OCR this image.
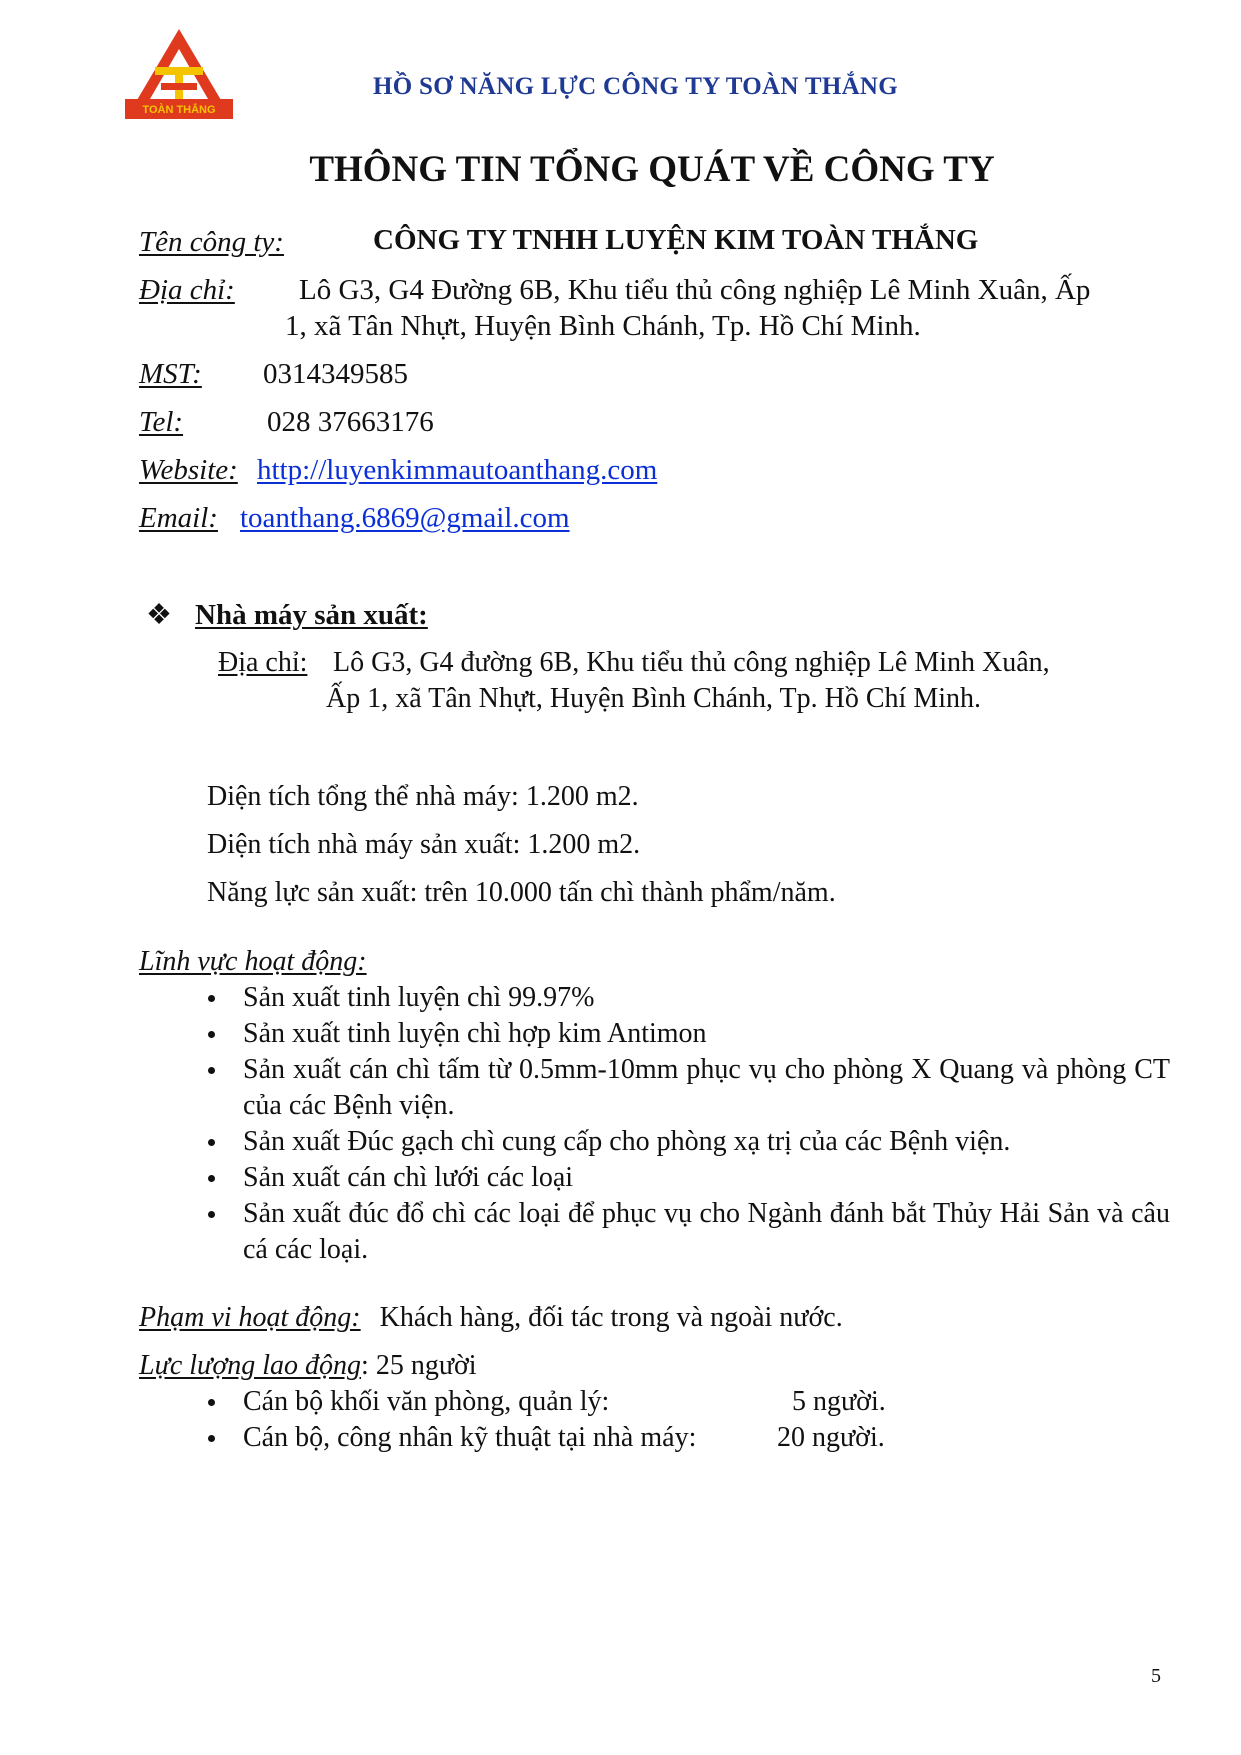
TOÀN THẮNG
HỒ SƠ NĂNG LỰC CÔNG TY TOÀN THẮNG
THÔNG TIN TỔNG QUÁT VỀ CÔNG TY
Tên công ty:	CÔNG TY TNHH LUYỆN KIM TOÀN THẮNG
Địa chỉ: Lô G3, G4 Đường 6B, Khu tiểu thủ công nghiệp Lê Minh Xuân, Ấp
1, xã Tân Nhựt, Huyện Bình Chánh, Tp. Hồ Chí Minh.
MST: 0314349585
Tel:	028 37663176
Website: http://luyenkimmautoanthang.com
Email: toanthang.6869@gmail.com
❖ Nhà máy sản xuất:
Địa chỉ: Lô G3, G4 đường 6B, Khu tiểu thủ công nghiệp Lê Minh Xuân,
Ấp 1, xã Tân Nhựt, Huyện Bình Chánh, Tp. Hồ Chí Minh.
Diện tích tổng thể nhà máy: 1.200 m2.
Diện tích nhà máy sản xuất: 1.200 m2.
Năng lực sản xuất: trên 10.000 tấn chì thành phẩm/năm.
Lĩnh vực hoạt động:
Sản xuất tinh luyện chì 99.97%
Sản xuất tinh luyện chì hợp kim Antimon
Sản xuất cán chì tấm từ 0.5mm-10mm phục vụ cho phòng X Quang và phòng CT của các Bệnh viện.
Sản xuất Đúc gạch chì cung cấp cho phòng xạ trị của các Bệnh viện.
Sản xuất cán chì lưới các loại
Sản xuất đúc đổ chì các loại để phục vụ cho Ngành đánh bắt Thủy Hải Sản và câu cá các loại.
Phạm vi hoạt động: Khách hàng, đối tác trong và ngoài nước.
Lực lượng lao động: 25 người
Cán bộ khối văn phòng, quản lý:	5 người.
Cán bộ, công nhân kỹ thuật tại nhà máy:	20 người.
5
